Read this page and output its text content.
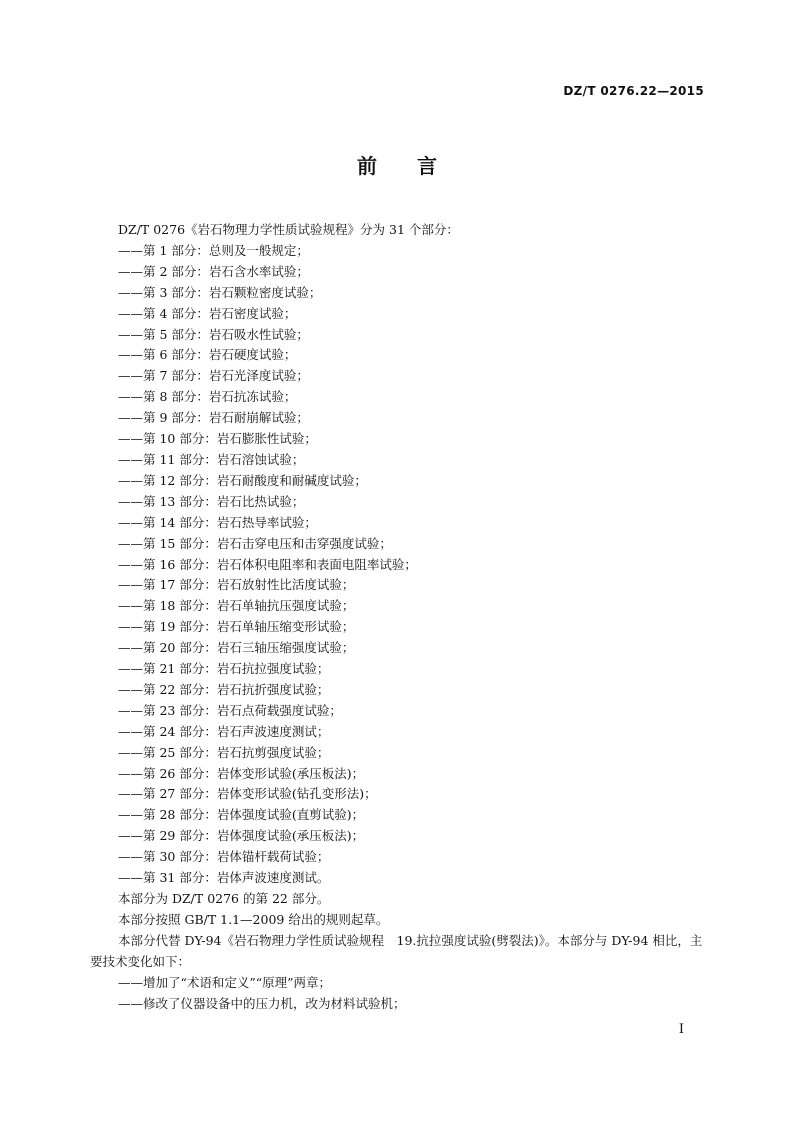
DZ/T 0276.22—2015
前言

DZ/T 0276《岩石物理力学性质试验规程》分为 31 个部分：

——第 1 部分：总则及一般规定；

——第 2 部分：岩石含水率试验；

——第 3 部分：岩石颗粒密度试验；

——第 4 部分：岩石密度试验；

——第 5 部分：岩石吸水性试验；

——第 6 部分：岩石硬度试验；

——第 7 部分：岩石光泽度试验；

——第 8 部分：岩石抗冻试验；

——第 9 部分：岩石耐崩解试验；

——第 10 部分：岩石膨胀性试验；

——第 11 部分：岩石溶蚀试验；

——第 12 部分：岩石耐酸度和耐碱度试验；

——第 13 部分：岩石比热试验；

——第 14 部分：岩石热导率试验；

——第 15 部分：岩石击穿电压和击穿强度试验；

——第 16 部分：岩石体积电阻率和表面电阻率试验；

——第 17 部分：岩石放射性比活度试验；

——第 18 部分：岩石单轴抗压强度试验；

——第 19 部分：岩石单轴压缩变形试验；

——第 20 部分：岩石三轴压缩强度试验；

——第 21 部分：岩石抗拉强度试验；

——第 22 部分：岩石抗折强度试验；

——第 23 部分：岩石点荷载强度试验；

——第 24 部分：岩石声波速度测试；

——第 25 部分：岩石抗剪强度试验；

——第 26 部分：岩体变形试验(承压板法)；

——第 27 部分：岩体变形试验(钻孔变形法)；

——第 28 部分：岩体强度试验(直剪试验)；

——第 29 部分：岩体强度试验(承压板法)；

——第 30 部分：岩体锚杆载荷试验；

——第 31 部分：岩体声波速度测试。

本部分为 DZ/T 0276 的第 22 部分。

本部分按照 GB/T 1.1—2009 给出的规则起草。

本部分代替 DY-94《岩石物理力学性质试验规程　19.抗拉强度试验(劈裂法)》。本部分与 DY-94 相比，主要技术变化如下：

——增加了“术语和定义”“原理”两章；

——修改了仪器设备中的压力机，改为材料试验机；

I
